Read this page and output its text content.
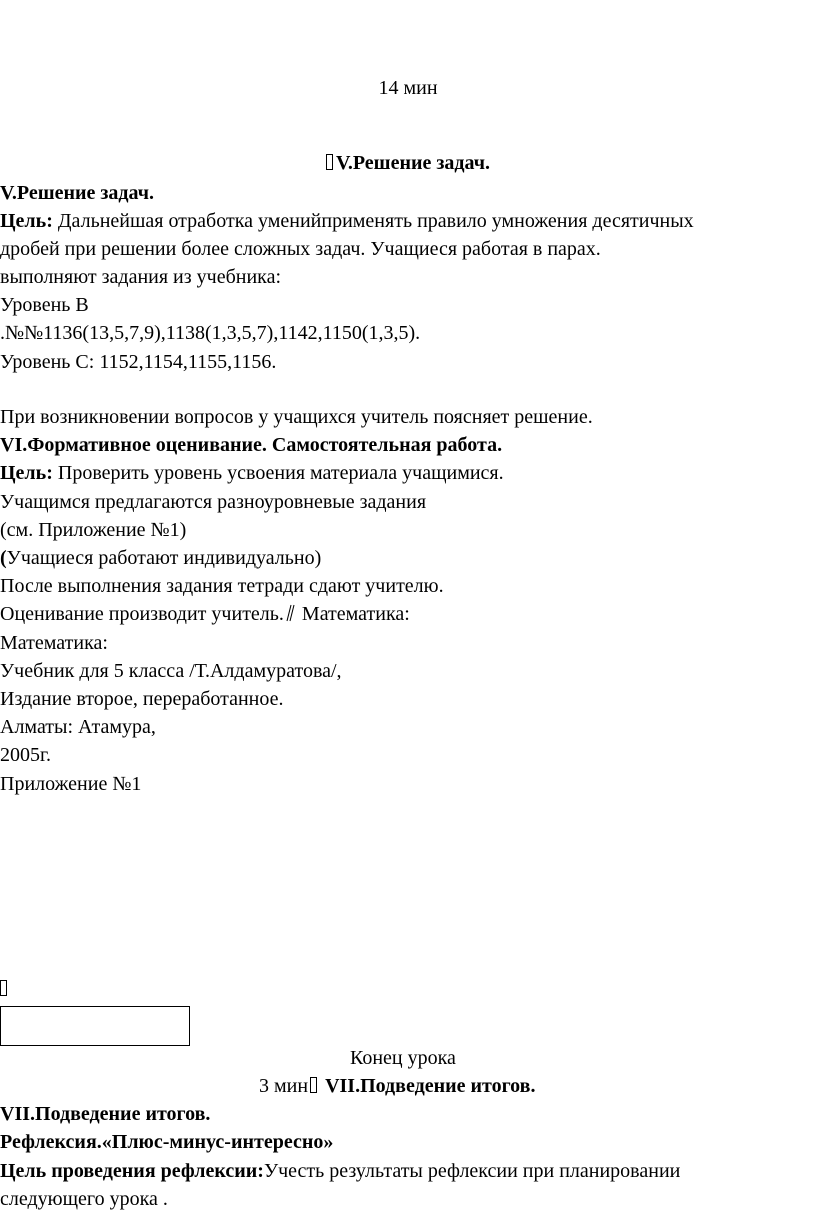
14 мин
V.Решение задач.
V.Решение задач.
Цель: Дальнейшая отработка уменийприменять правило умножения десятичных
дробей при решении более сложных задач. Учащиеся работая в парах.
выполняют задания из учебника:
Уровень В
.№№1136(13,5,7,9),1138(1,3,5,7),1142,1150(1,3,5).
Уровень С: 1152,1154,1155,1156.
При возникновении вопросов у учащихся учитель поясняет решение.
VI.Формативное оценивание. Самостоятельная работа.
Цель: Проверить уровень усвоения материала учащимися.
Учащимся предлагаются разноуровневые задания
(см. Приложение №1)
(Учащиеся работают индивидуально)
После выполнения задания тетради сдают учителю.
Оценивание производит учитель. Математика:
Математика:
Учебник для 5 класса /Т.Алдамуратова/,
Издание второе, переработанное.
Алматы: Атамура,
2005г.
Приложение №1
Конец урока
3 мин VII.Подведение итогов.
VII.Подведение итогов.
Рефлексия.«Плюс-минус-интересно»
Цель проведения рефлексии:Учесть результаты рефлексии при планировании
следующего урока .
